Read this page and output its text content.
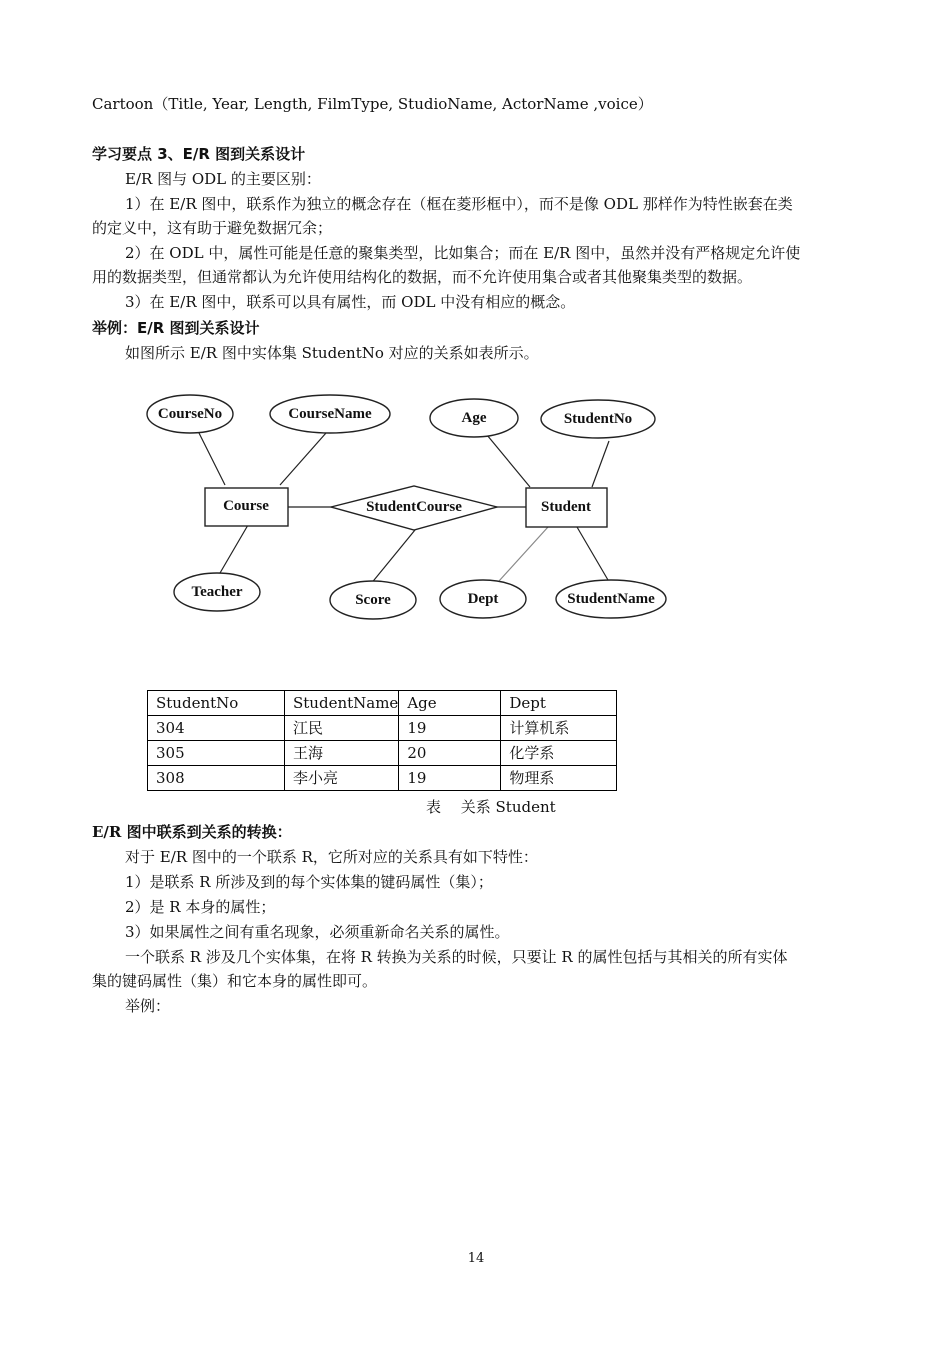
Cartoon（Title, Year, Length, FilmType, StudioName, ActorName ,voice）
学习要点 3、E/R 图到关系设计
E/R 图与 ODL 的主要区别：
1）在 E/R 图中，联系作为独立的概念存在（框在菱形框中），而不是像 ODL 那样作为特性嵌套在类
的定义中，这有助于避免数据冗余；
2）在 ODL 中，属性可能是任意的聚集类型，比如集合；而在 E/R 图中，虽然并没有严格规定允许使
用的数据类型，但通常都认为允许使用结构化的数据，而不允许使用集合或者其他聚集类型的数据。
3）在 E/R 图中，联系可以具有属性，而 ODL 中没有相应的概念。
举例：E/R 图到关系设计
如图所示 E/R 图中实体集 StudentNo 对应的关系如表所示。
CourseNo	CourseName
Teacher
Age	StudentNo
Score	Dept	StudentName
Course	Student
StudentCourse
StudentNo	StudentName	Age	Dept
304	江民	19	计算机系
305	王海	20	化学系
308	李小亮	19	物理系
表　 关系 Student
E/R 图中联系到关系的转换：
对于 E/R 图中的一个联系 R，它所对应的关系具有如下特性：
1）是联系 R 所涉及到的每个实体集的键码属性（集）；
2）是 R 本身的属性；
3）如果属性之间有重名现象，必须重新命名关系的属性。
一个联系 R 涉及几个实体集，在将 R 转换为关系的时候，只要让 R 的属性包括与其相关的所有实体
集的键码属性（集）和它本身的属性即可。
举例：
14
